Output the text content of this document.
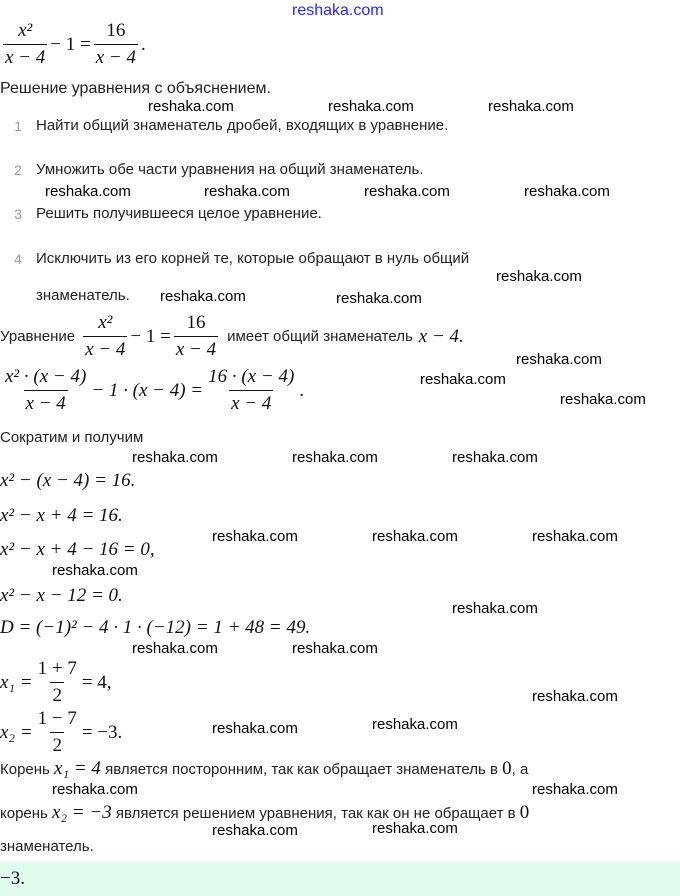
reshaka.com
$\frac{\text{x²}}{x - 4} - 1 = \frac{16}{x - 4}$ .
Решение уравнения с объяснением.
1 Найти общий знаменатель дробей, входящих в уравнение.
2 Умножить обе части уравнения на общий знаменатель.
3 Решить получившееся целое уравнение.
4 Исключить из его корней те, которые обращают в нуль общий
знаменатель.
Уравнение $\frac{\text{x²}}{x - 4} - 1 = \frac{16}{x - 4}$ имеет общий знаменатель x − 4.
$\frac{\text{x² · (x − 4)}}{x - 4} - 1 \cdot (x - 4) = \frac{16 \cdot (x - 4)}{x - 4}$ .
Сократим и получим
x² − (x − 4) = 16.
x² − x + 4 = 16.
x² − x + 4 − 16 = 0,
x² − x − 12 = 0.
D = (−1)² − 4 · 1 · (−12) = 1 + 48 = 49.
$x_1 = \frac{1 + 7}{2} = 4$,
$x_2 = \frac{1 - 7}{2} = -3$.
Корень
x₁ = 4
является посторонним, так как обращает знаменатель в
0 , а
корень
x₂ = −3
является решением уравнения, так как он не обращает в
0
знаменатель.
−3.
reshaka.com	reshaka.com	reshaka.com
reshaka.com	reshaka.com	reshaka.com	reshaka.com
reshaka.com
reshaka.com	reshaka.com
reshaka.com
reshaka.com
reshaka.com
reshaka.com	reshaka.com	reshaka.com
reshaka.com	reshaka.com	reshaka.com
reshaka.com
reshaka.com
reshaka.com	reshaka.com
reshaka.com
reshaka.com	reshaka.com
reshaka.com	reshaka.com
reshaka.com	reshaka.com
